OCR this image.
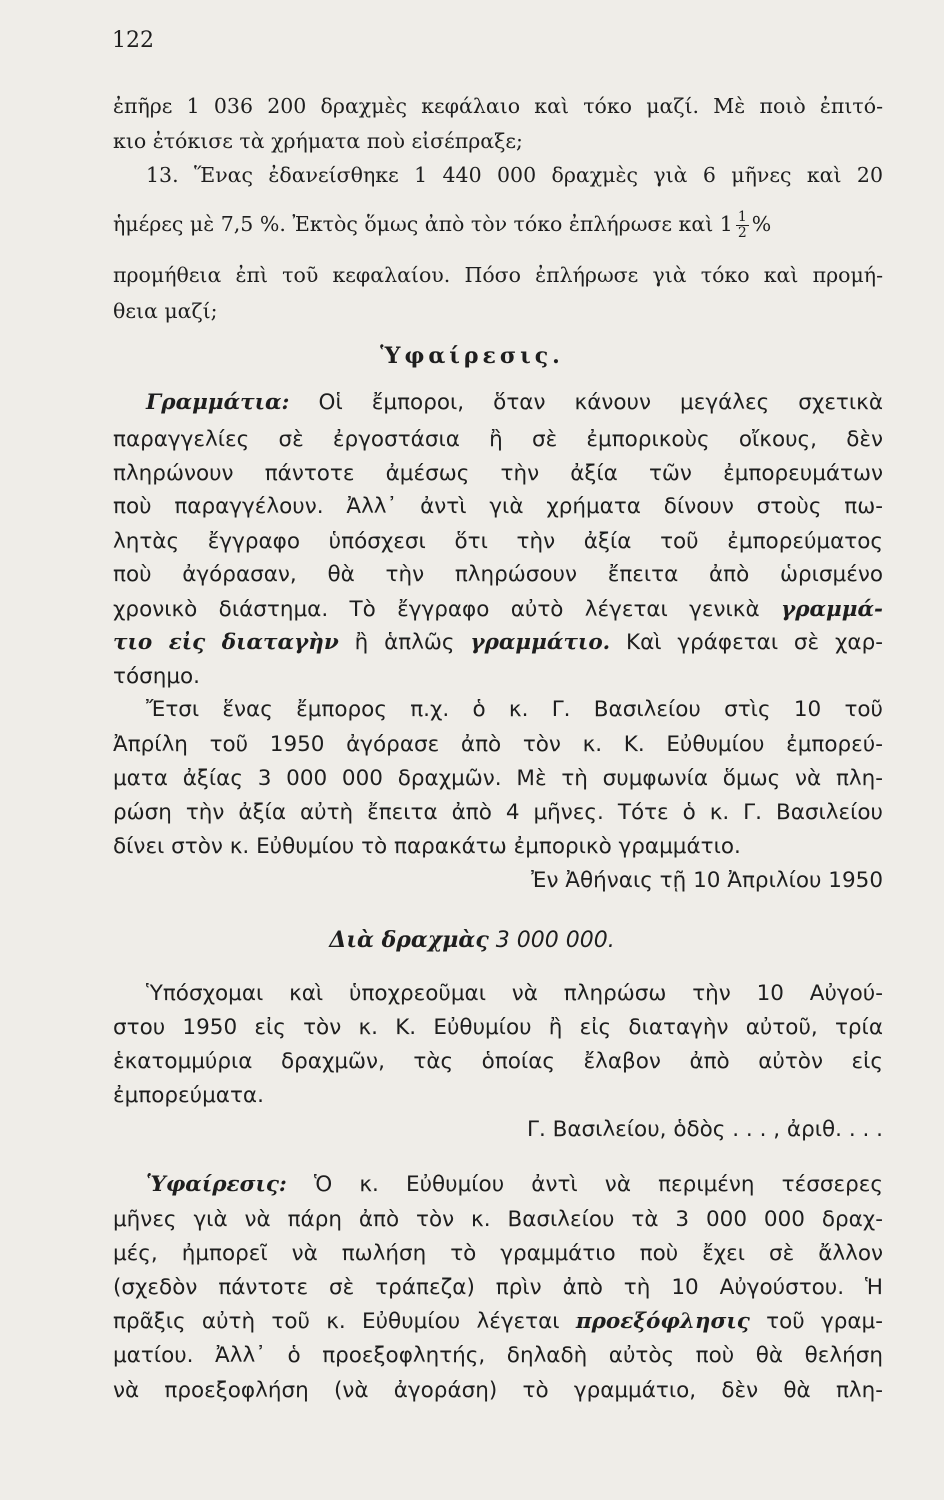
122
ἐπῆρε 1 036 200 δραχμὲς κεφάλαιο καὶ τόκο μαζί. Μὲ ποιὸ ἐπιτό-
κιο ἐτόκισε τὰ χρήματα ποὺ εἰσέπραξε;
13. Ἕνας ἐδανείσθηκε 1 440 000 δραχμὲς γιὰ 6 μῆνες καὶ 20
ἡμέρες μὲ 7,5 %. Ἐκτὸς ὅμως ἀπὸ τὸν τόκο ἐπλήρωσε καὶ $1 \frac{1}{2}$ %
προμήθεια ἐπὶ τοῦ κεφαλαίου. Πόσο ἐπλήρωσε γιὰ τόκο καὶ προμή-
θεια μαζί;
Ὑφαίρεσις.
Γραμμάτια: Οἱ ἔμποροι, ὅταν κάνουν μεγάλες σχετικὰ
παραγγελίες σὲ ἐργοστάσια ἢ σὲ ἐμπορικοὺς οἴκους, δὲν
πληρώνουν πάντοτε ἀμέσως τὴν ἀξία τῶν ἐμπορευμάτων
ποὺ παραγγέλουν. Ἀλλ᾿ ἀντὶ γιὰ χρήματα δίνουν στοὺς πω-
λητὰς ἔγγραφο ὑπόσχεσι ὅτι τὴν ἀξία τοῦ ἐμπορεύματος
ποὺ ἀγόρασαν, θὰ τὴν πληρώσουν ἔπειτα ἀπὸ ὡρισμένο
χρονικὸ διάστημα. Τὸ ἔγγραφο αὐτὸ λέγεται γενικὰ γραμμά-
τιο εἰς διαταγὴν ἢ ἁπλῶς γραμμάτιο. Καὶ γράφεται σὲ χαρ-
τόσημο.
Ἔτσι ἕνας ἔμπορος π.χ. ὁ κ. Γ. Βασιλείου στὶς 10 τοῦ
Ἀπρίλη τοῦ 1950 ἀγόρασε ἀπὸ τὸν κ. Κ. Εὐθυμίου ἐμπορεύ-
ματα ἀξίας 3 000 000 δραχμῶν. Μὲ τὴ συμφωνία ὅμως νὰ πλη-
ρώση τὴν ἀξία αὐτὴ ἔπειτα ἀπὸ 4 μῆνες. Τότε ὁ κ. Γ. Βασιλείου
δίνει στὸν κ. Εὐθυμίου τὸ παρακάτω ἐμπορικὸ γραμμάτιο.
Ἐν Ἀθήναις τῇ 10 Ἀπριλίου 1950
Διὰ δραχμὰς 3 000 000.
Ὑπόσχομαι καὶ ὑποχρεοῦμαι νὰ πληρώσω τὴν 10 Αὐγού-
στου 1950 εἰς τὸν κ. Κ. Εὐθυμίου ἢ εἰς διαταγὴν αὐτοῦ, τρία
ἑκατομμύρια δραχμῶν, τὰς ὁποίας ἔλαβον ἀπὸ αὐτὸν εἰς
ἐμπορεύματα.
Γ. Βασιλείου, ὁδὸς . . . , ἀριθ. . . .
Ὑφαίρεσις: Ὁ κ. Εὐθυμίου ἀντὶ νὰ περιμένη τέσσερες
μῆνες γιὰ νὰ πάρη ἀπὸ τὸν κ. Βασιλείου τὰ 3 000 000 δραχ-
μές, ἠμπορεῖ νὰ πωλήση τὸ γραμμάτιο ποὺ ἔχει σὲ ἄλλον
(σχεδὸν πάντοτε σὲ τράπεζα) πρὶν ἀπὸ τὴ 10 Αὐγούστου. Ἡ
πρᾶξις αὐτὴ τοῦ κ. Εὐθυμίου λέγεται προεξόφλησις τοῦ γραμ-
ματίου. Ἀλλ᾿ ὁ προεξοφλητής, δηλαδὴ αὐτὸς ποὺ θὰ θελήση
νὰ προεξοφλήση (νὰ ἀγοράση) τὸ γραμμάτιο, δὲν θὰ πλη-
